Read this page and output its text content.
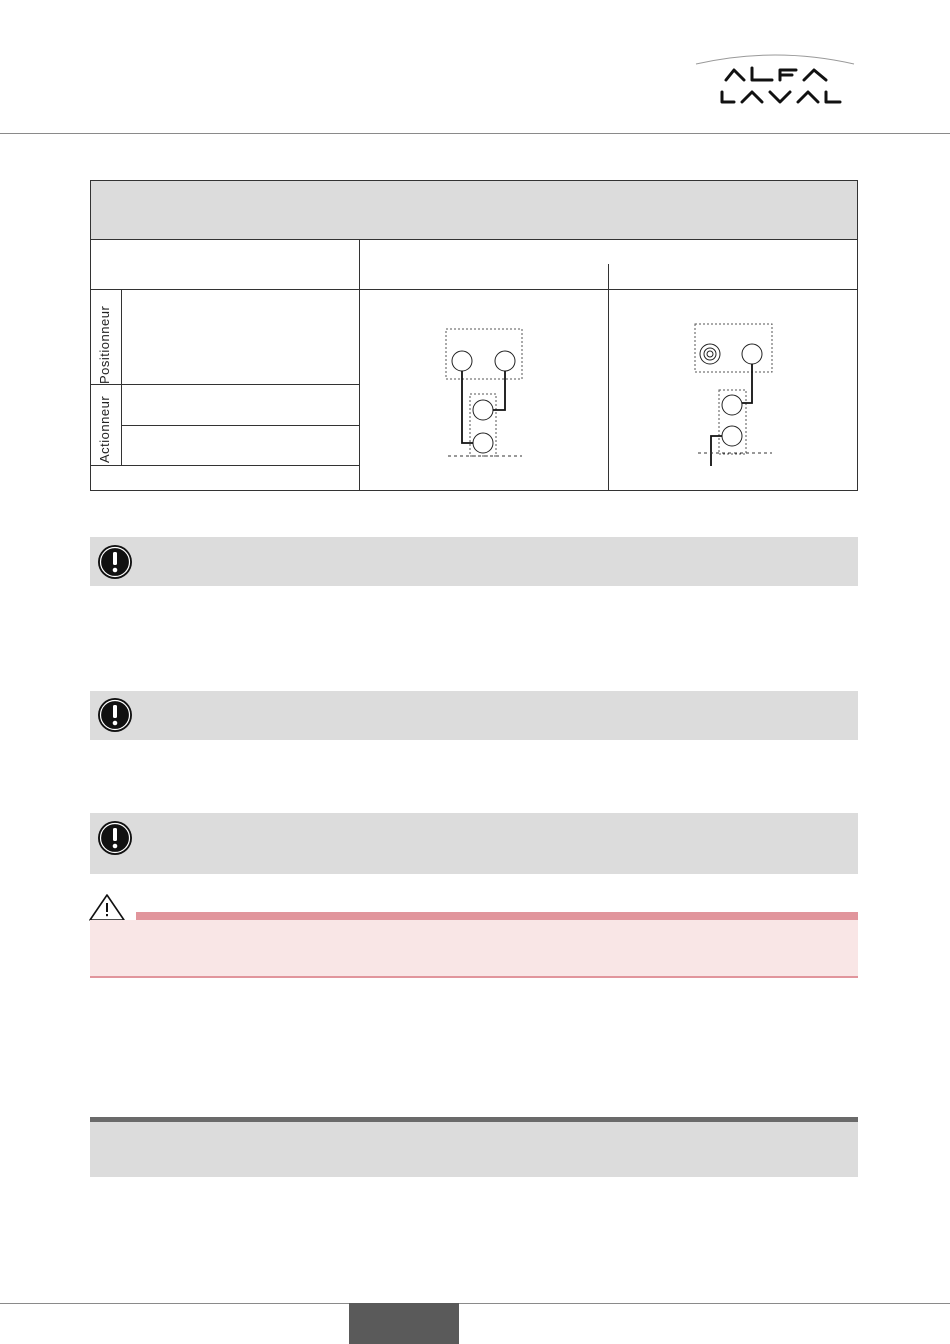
Positionneur
Actionneur
